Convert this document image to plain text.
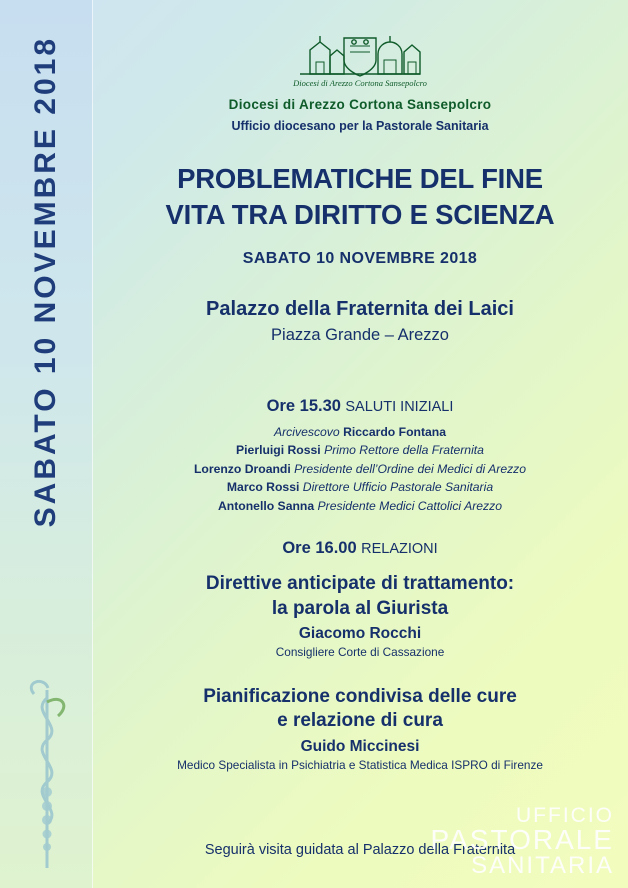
SABATO 10 NOVEMBRE 2018	Diocesi di Arezzo Cortona Sansepolcro
Diocesi di Arezzo Cortona Sansepolcro
Ufficio diocesano per la Pastorale Sanitaria
PROBLEMATICHE DEL FINE
VITA TRA DIRITTO E SCIENZA
SABATO 10 NOVEMBRE 2018
Palazzo della Fraternita dei Laici
Piazza Grande – Arezzo
Ore 15.30 SALUTI INIZIALI
Arcivescovo Riccardo Fontana
Pierluigi Rossi Primo Rettore della Fraternita
Lorenzo Droandi Presidente dell’Ordine dei Medici di Arezzo
Marco Rossi Direttore Ufficio Pastorale Sanitaria
Antonello Sanna Presidente Medici Cattolici Arezzo
Ore 16.00 RELAZIONI
Direttive anticipate di trattamento:
la parola al Giurista
Giacomo Rocchi
Consigliere Corte di Cassazione
Pianificazione condivisa delle cure
e relazione di cura
Guido Miccinesi
Medico Specialista in Psichiatria e Statistica Medica ISPRO di Firenze
Seguirà visita guidata al Palazzo della Fraternita
UFFICIO
PASTORALE
SANITARIA
